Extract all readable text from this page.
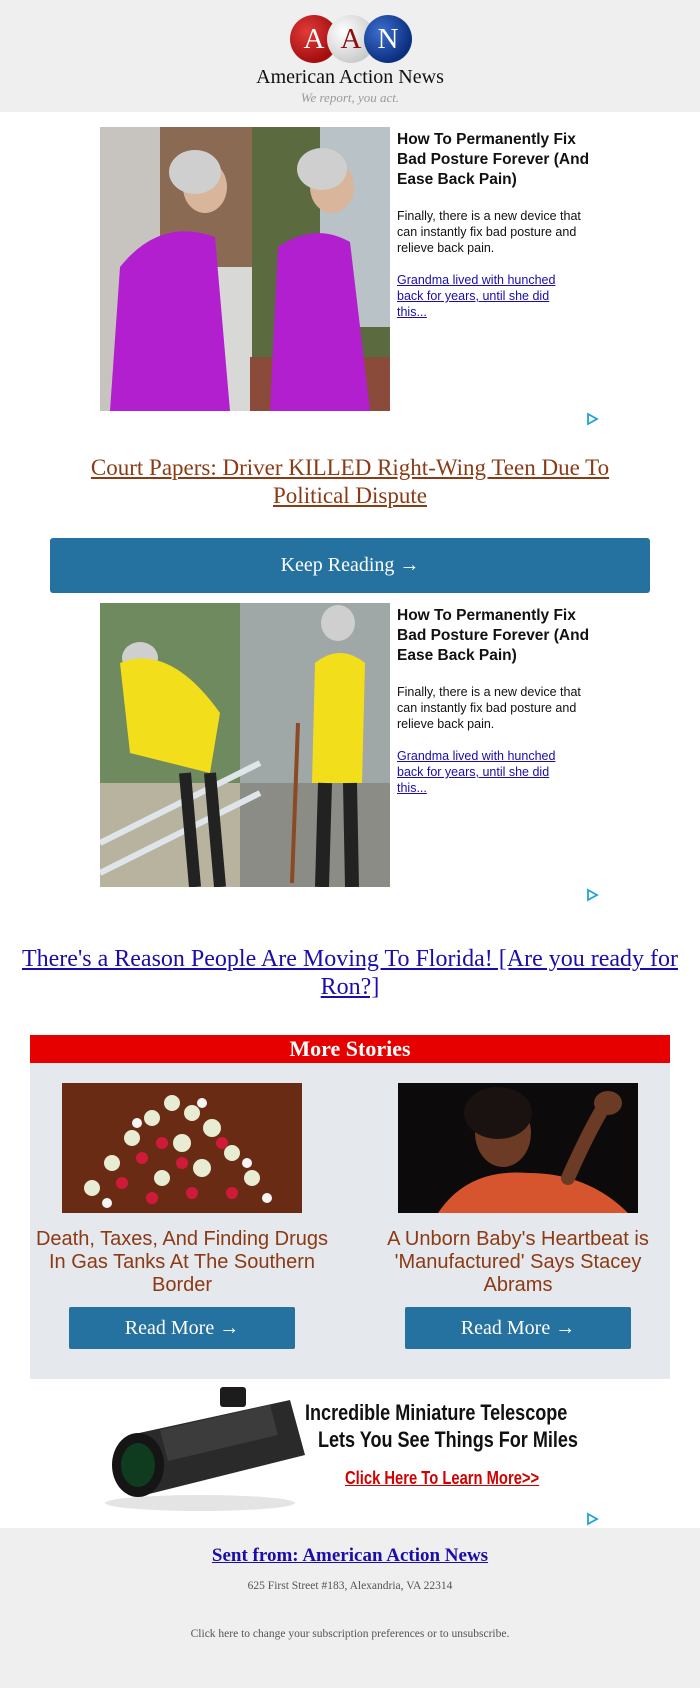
A A N
American Action News
We report, you act.
How To Permanently Fix Bad Posture Forever (And Ease Back Pain)
Finally, there is a new device that can instantly fix bad posture and relieve back pain.
Grandma lived with hunched back for years, until she did this...
Court Papers: Driver KILLED Right-Wing Teen Due To Political Dispute
Keep Reading →
How To Permanently Fix Bad Posture Forever (And Ease Back Pain)
Finally, there is a new device that can instantly fix bad posture and relieve back pain.
Grandma lived with hunched back for years, until she did this...
There's a Reason People Are Moving To Florida! [Are you ready for Ron?]
More Stories
Death, Taxes, And Finding Drugs In Gas Tanks At The Southern Border
Read More →
A Unborn Baby's Heartbeat is 'Manufactured' Says Stacey Abrams
Read More →
Incredible Miniature Telescope
Lets You See Things For Miles
Click Here To Learn More>>
Sent from: American Action News
625 First Street #183, Alexandria, VA 22314
Click here to change your subscription preferences or to unsubscribe.
